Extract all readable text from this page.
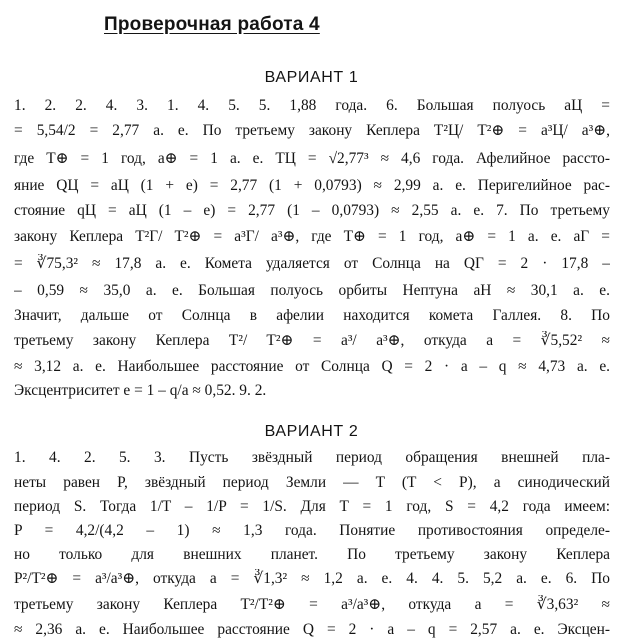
Проверочная работа 4
ВАРИАНТ 1
1. 2. 2. 4. 3. 1. 4. 5. 5. 1,88 года. 6. Большая полуось aЦ =
= 5,54/2 = 2,77 а. е. По третьему закону Кеплера T²Ц/ T²⊕ = a³Ц/ a³⊕,
где T⊕ = 1 год, a⊕ = 1 а. е. TЦ = √2,77³ ≈ 4,6 года. Афелийное рассто-
яние QЦ = aЦ (1 + e) = 2,77 (1 + 0,0793) ≈ 2,99 а. е. Перигелийное рас-
стояние qЦ = aЦ (1 – e) = 2,77 (1 – 0,0793) ≈ 2,55 а. е. 7. По третьему
закону Кеплера T²Г/ T²⊕ = a³Г/ a³⊕, где T⊕ = 1 год, a⊕ = 1 а. е. aГ =
= ∛75,3² ≈ 17,8 а. е. Комета удаляется от Солнца на QГ = 2 · 17,8 –
– 0,59 ≈ 35,0 а. е. Большая полуось орбиты Нептуна aН ≈ 30,1 а. е.
Значит, дальше от Солнца в афелии находится комета Галлея. 8. По
третьему закону Кеплера T²/ T²⊕ = a³/ a³⊕, откуда a = ∛5,52² ≈
≈ 3,12 а. е. Наибольшее расстояние от Солнца Q = 2 · a – q ≈ 4,73 а. е.
Эксцентриситет e = 1 – q/a ≈ 0,52. 9. 2.
ВАРИАНТ 2
1. 4. 2. 5. 3. Пусть звёздный период обращения внешней пла-
неты равен P, звёздный период Земли — T (T < P), а синодический
период S. Тогда 1/T – 1/P = 1/S. Для T = 1 год, S = 4,2 года имеем:
P = 4,2/(4,2 – 1) ≈ 1,3 года. Понятие противостояния определе-
но только для внешних планет. По третьему закону Кеплера
P²/T²⊕ = a³/a³⊕, откуда a = ∛1,3² ≈ 1,2 а. е. 4. 4. 5. 5,2 а. е. 6. По
третьему закону Кеплера T²/T²⊕ = a³/a³⊕, откуда a = ∛3,63² ≈
≈ 2,36 а. е. Наибольшее расстояние Q = 2 · a – q = 2,57 а. е. Эксцен-
